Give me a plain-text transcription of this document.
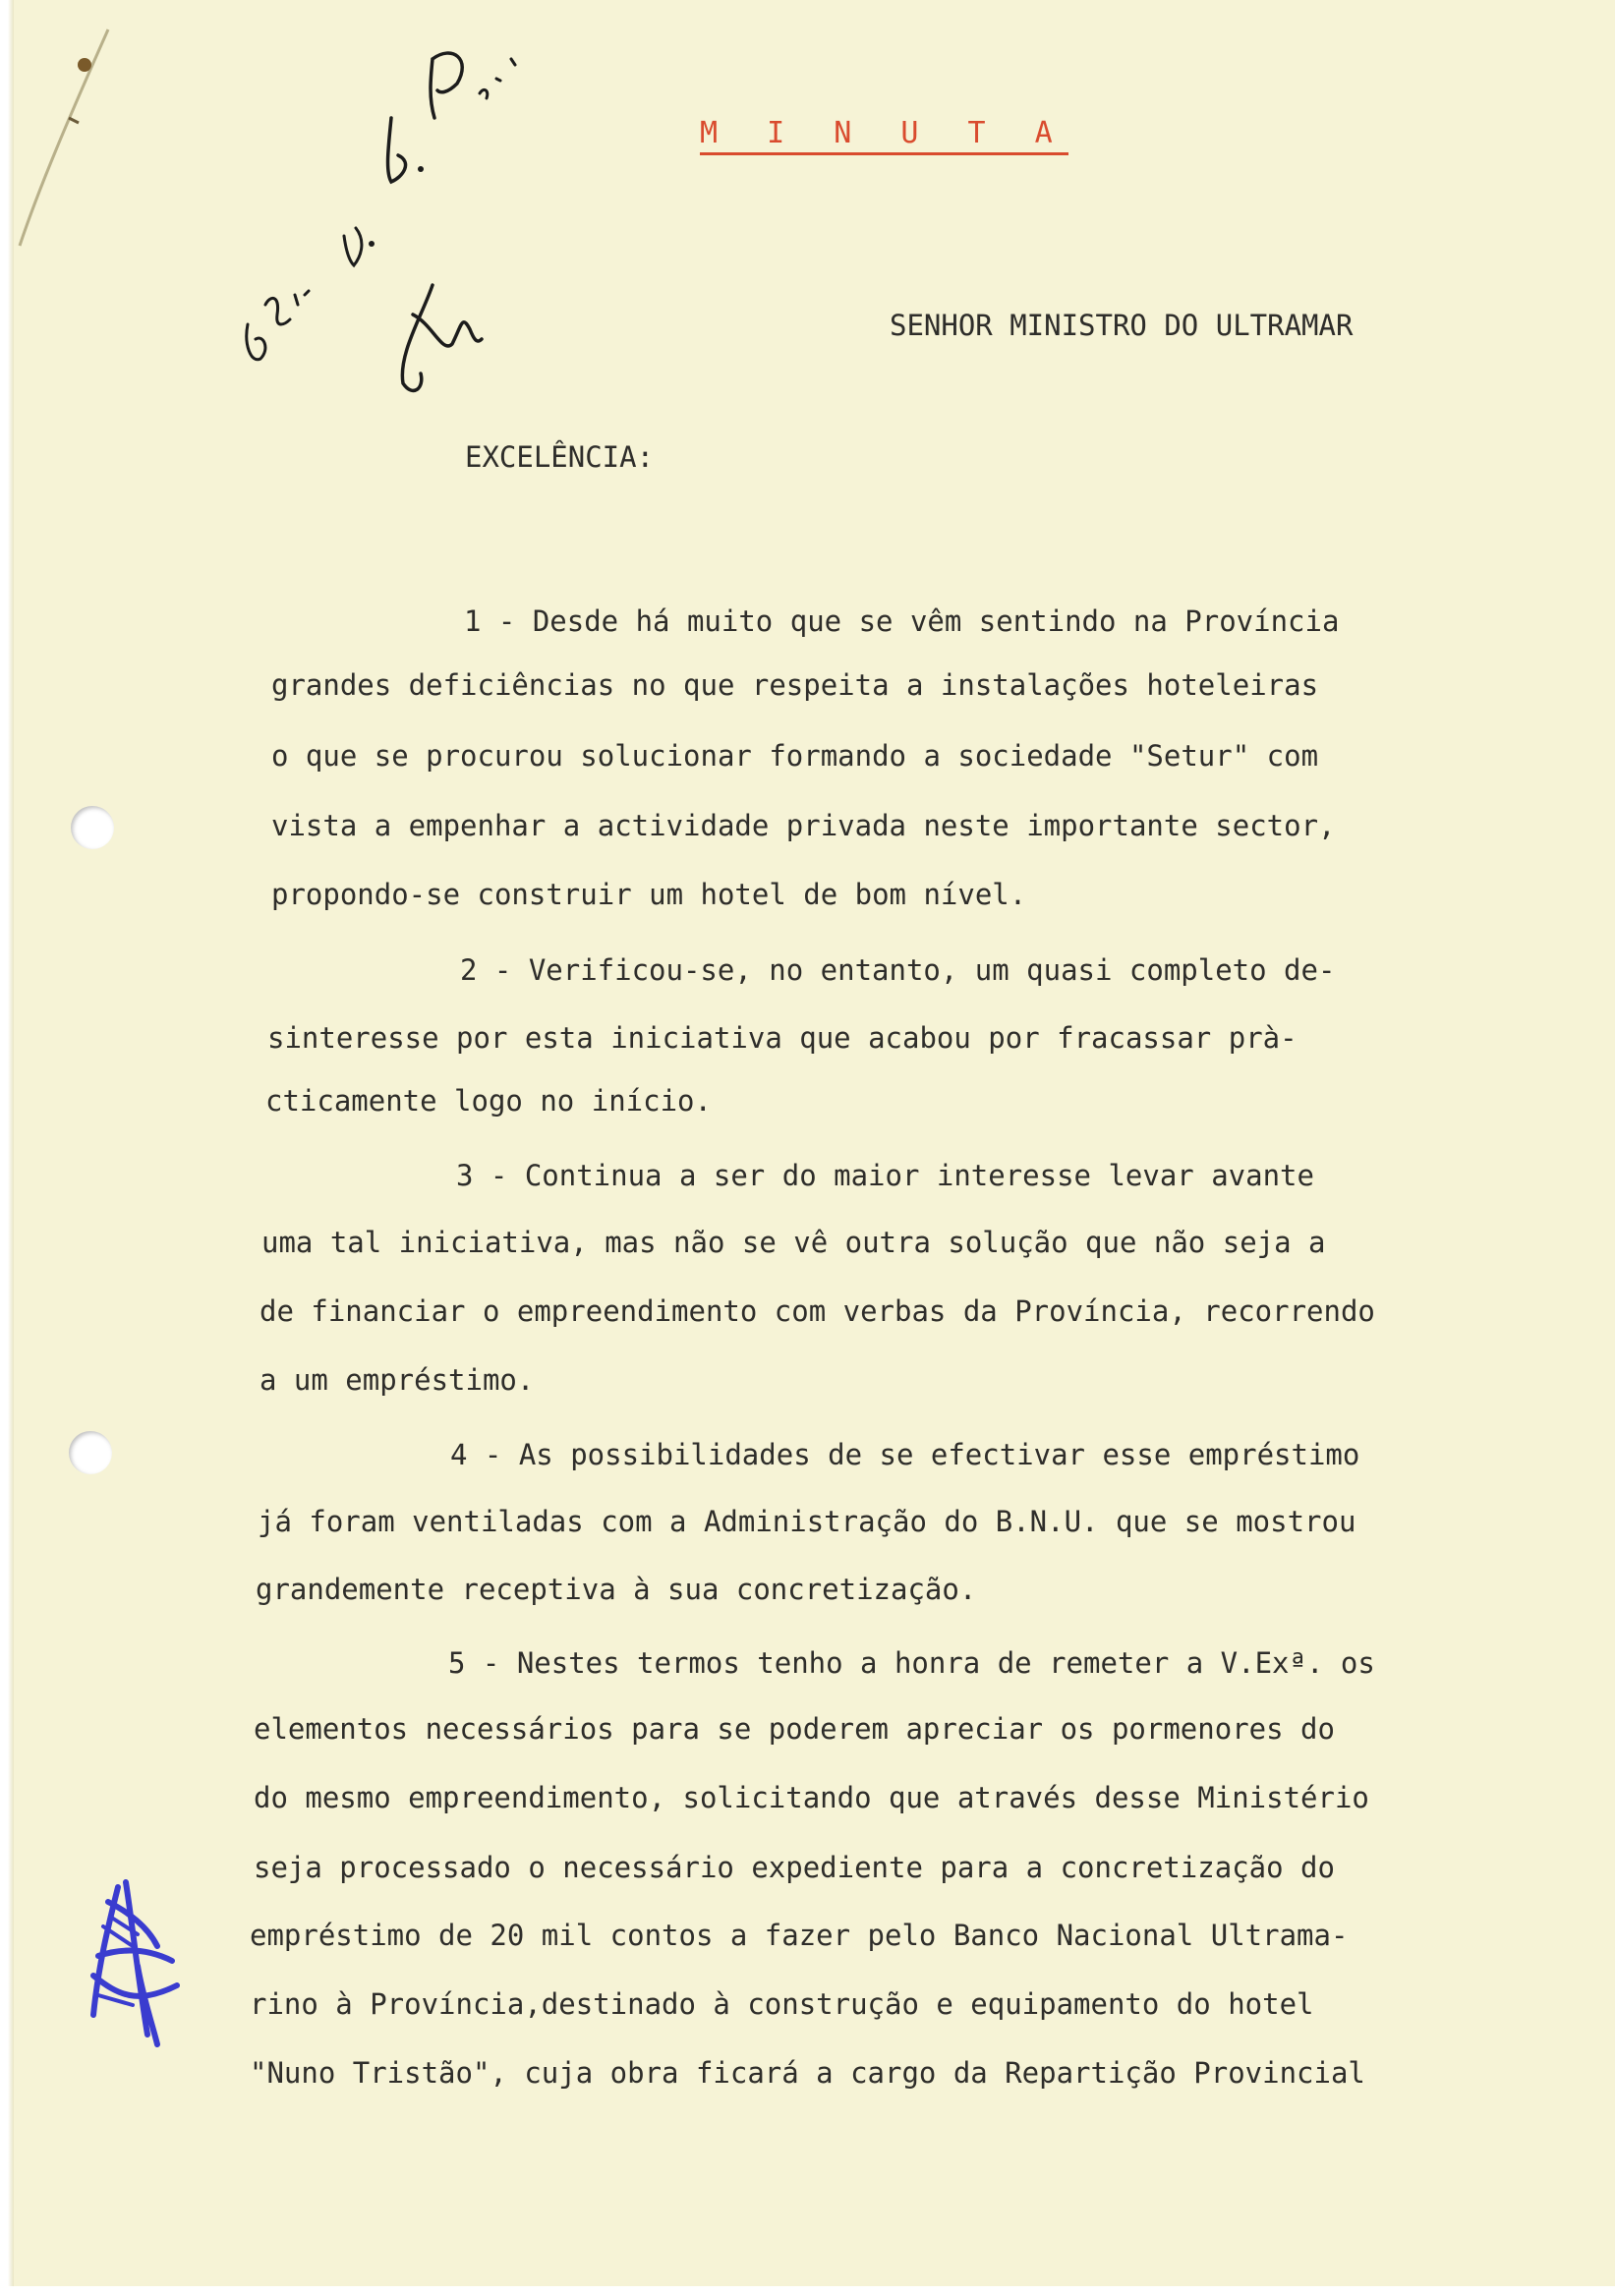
M I N U T A
SENHOR MINISTRO DO ULTRAMAR
EXCELÊNCIA:
1 - Desde há muito que se vêm sentindo na Província
grandes deficiências no que respeita a instalações hoteleiras
o que se procurou solucionar formando a sociedade "Setur" com
vista a empenhar a actividade privada neste importante sector,
propondo-se construir um hotel de bom nível.
2 - Verificou-se, no entanto, um quasi completo de-
sinteresse por esta iniciativa que acabou por fracassar prà-
cticamente logo no início.
3 - Continua a ser do maior interesse levar avante
uma tal iniciativa, mas não se vê outra solução que não seja a
de financiar o empreendimento com verbas da Província, recorrendo
a um empréstimo.
4 - As possibilidades de se efectivar esse empréstimo
já foram ventiladas com a Administração do B.N.U. que se mostrou
grandemente receptiva à sua concretização.
5 - Nestes termos tenho a honra de remeter a V.Exª. os
elementos necessários para se poderem apreciar os pormenores do
do mesmo empreendimento, solicitando que através desse Ministério
seja processado o necessário expediente para a concretização do
empréstimo de 20 mil contos a fazer pelo Banco Nacional Ultrama-
rino à Província,destinado à construção e equipamento do hotel
"Nuno Tristão", cuja obra ficará a cargo da Repartição Provincial
